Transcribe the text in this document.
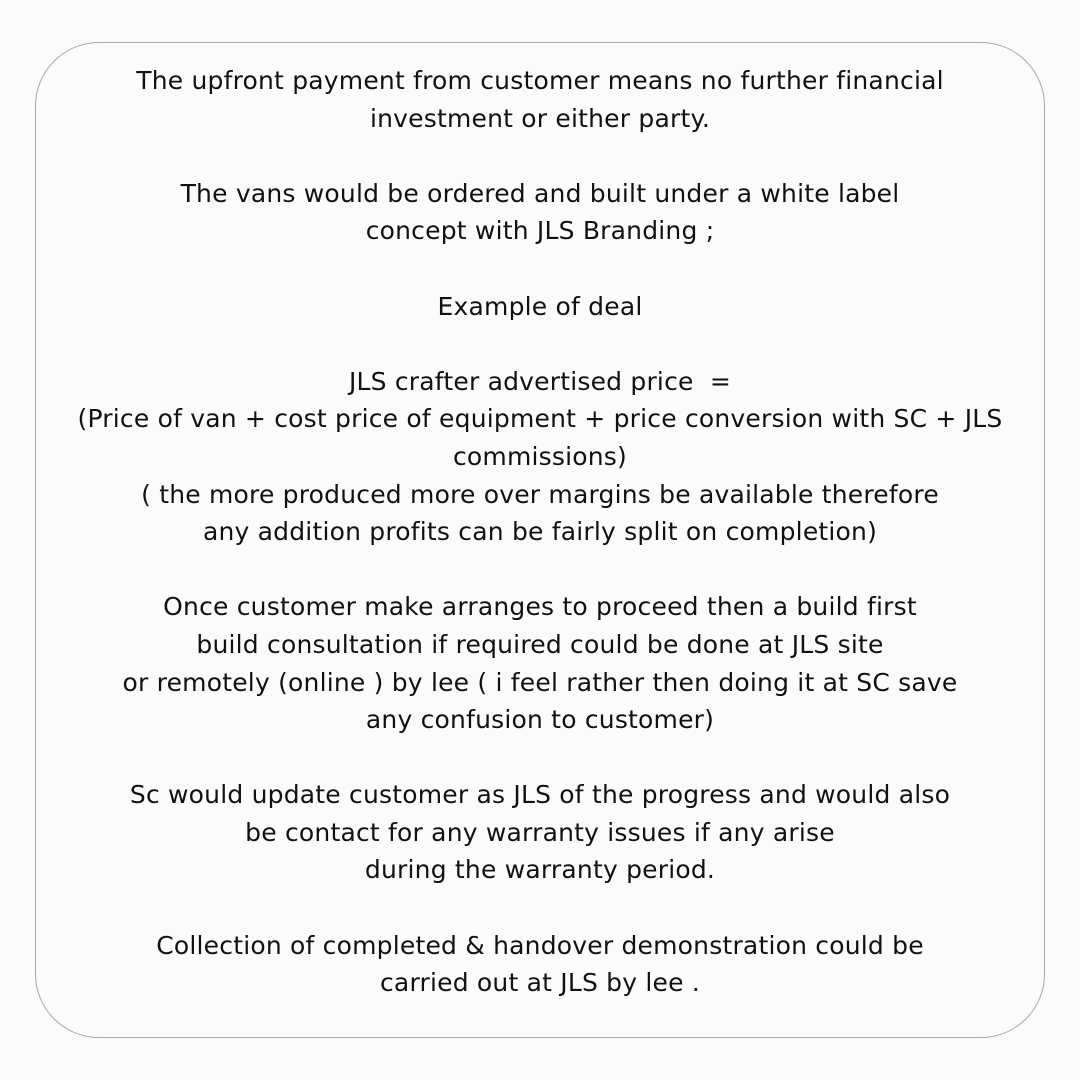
The upfront payment from customer means no further financial
investment or either party.
The vans would be ordered and built under a white label
concept with JLS Branding ;
Example of deal
JLS crafter advertised price  =
(Price of van + cost price of equipment + price conversion with SC + JLS
commissions)
( the more produced more over margins be available therefore
any addition profits can be fairly split on completion)
Once customer make arranges to proceed then a build first
build consultation if required could be done at JLS site
or remotely (online ) by lee ( i feel rather then doing it at SC save
any confusion to customer)
Sc would update customer as JLS of the progress and would also
be contact for any warranty issues if any arise
during the warranty period.
Collection of completed & handover demonstration could be
carried out at JLS by lee .
